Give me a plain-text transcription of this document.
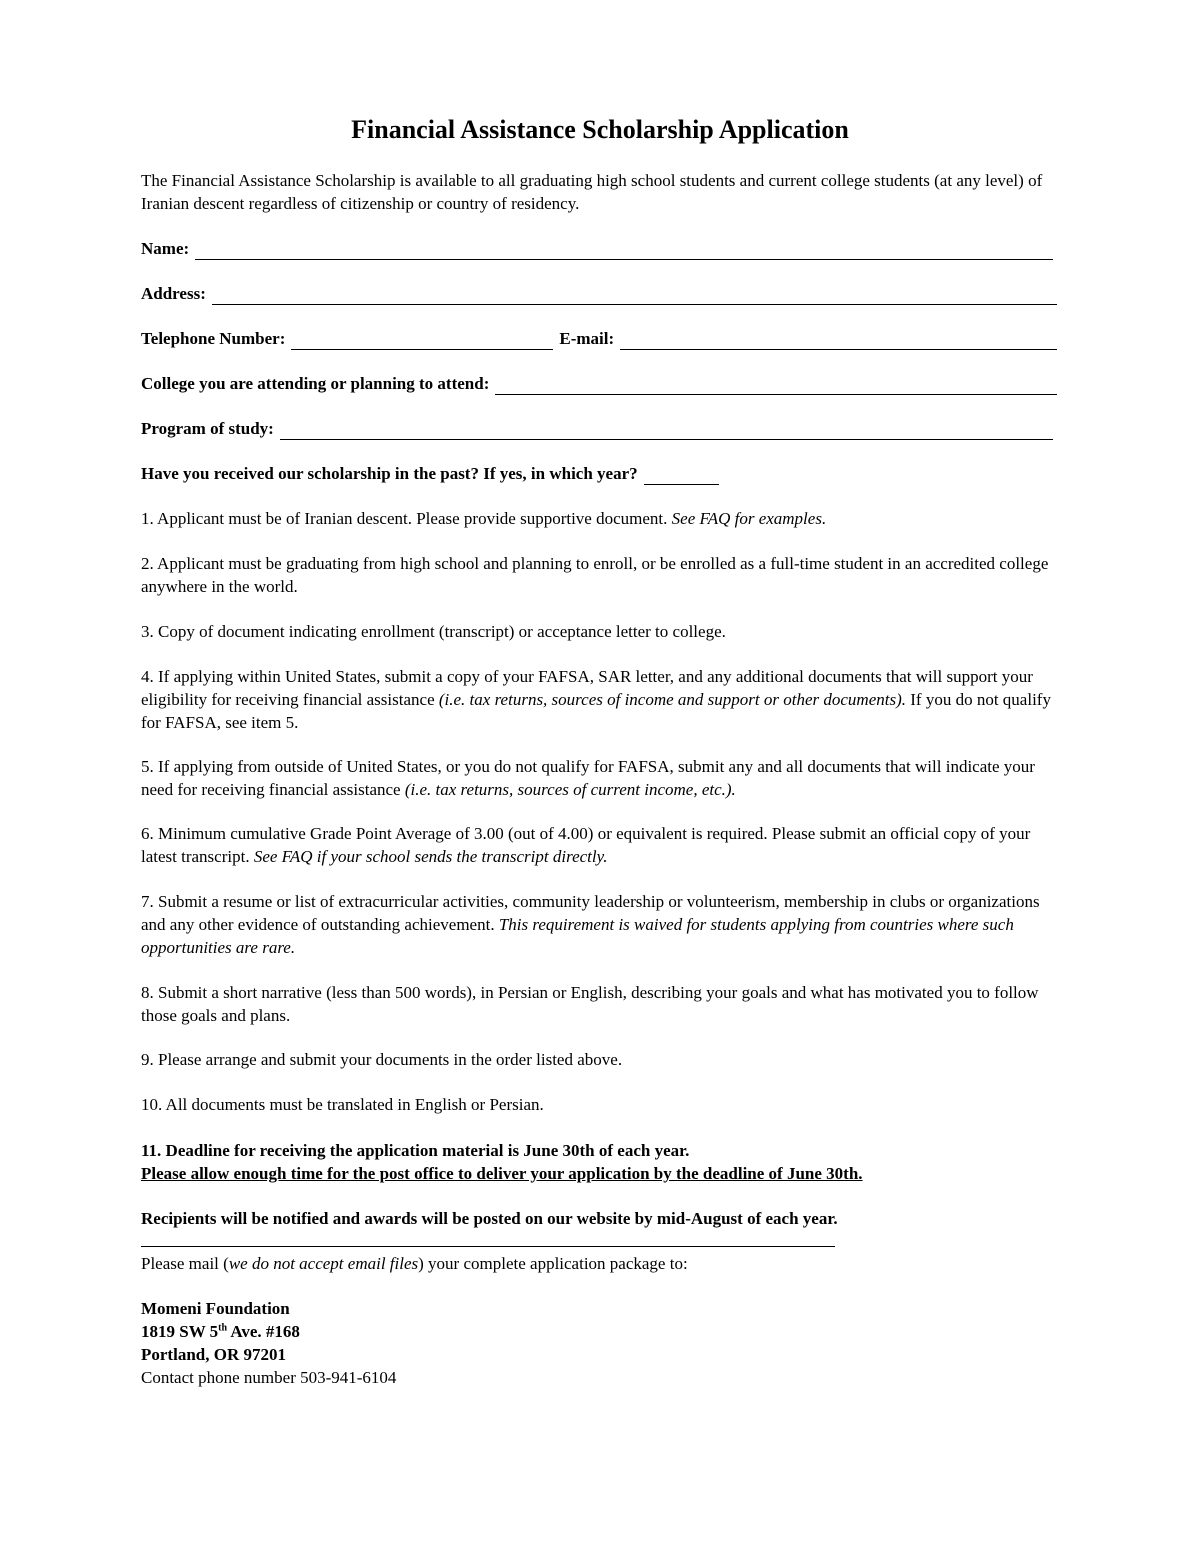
Financial Assistance Scholarship Application

The Financial Assistance Scholarship is available to all graduating high school students and current college students (at any level) of Iranian descent regardless of citizenship or country of residency.

Name:
Address:
Telephone Number:	E-mail:
College you are attending or planning to attend:
Program of study:
Have you received our scholarship in the past? If yes, in which year?

1. Applicant must be of Iranian descent. Please provide supportive document. See FAQ for examples.

2. Applicant must be graduating from high school and planning to enroll, or be enrolled as a full-time student in an accredited college anywhere in the world.

3. Copy of document indicating enrollment (transcript) or acceptance letter to college.

4. If applying within United States, submit a copy of your FAFSA, SAR letter, and any additional documents that will support your eligibility for receiving financial assistance (i.e. tax returns, sources of income and support or other documents). If you do not qualify for FAFSA, see item 5.

5. If applying from outside of United States, or you do not qualify for FAFSA, submit any and all documents that will indicate your need for receiving financial assistance (i.e. tax returns, sources of current income, etc.).

6. Minimum cumulative Grade Point Average of 3.00 (out of 4.00) or equivalent is required. Please submit an official copy of your latest transcript. See FAQ if your school sends the transcript directly.

7. Submit a resume or list of extracurricular activities, community leadership or volunteerism, membership in clubs or organizations and any other evidence of outstanding achievement. This requirement is waived for students applying from countries where such opportunities are rare.

8. Submit a short narrative (less than 500 words), in Persian or English, describing your goals and what has motivated you to follow those goals and plans.

9. Please arrange and submit your documents in the order listed above.

10. All documents must be translated in English or Persian.

11. Deadline for receiving the application material is June 30th of each year.
Please allow enough time for the post office to deliver your application by the deadline of June 30th.

Recipients will be notified and awards will be posted on our website by mid-August of each year.

Please mail (we do not accept email files) your complete application package to:

Momeni Foundation
1819 SW 5th Ave. #168
Portland, OR 97201
Contact phone number 503-941-6104
